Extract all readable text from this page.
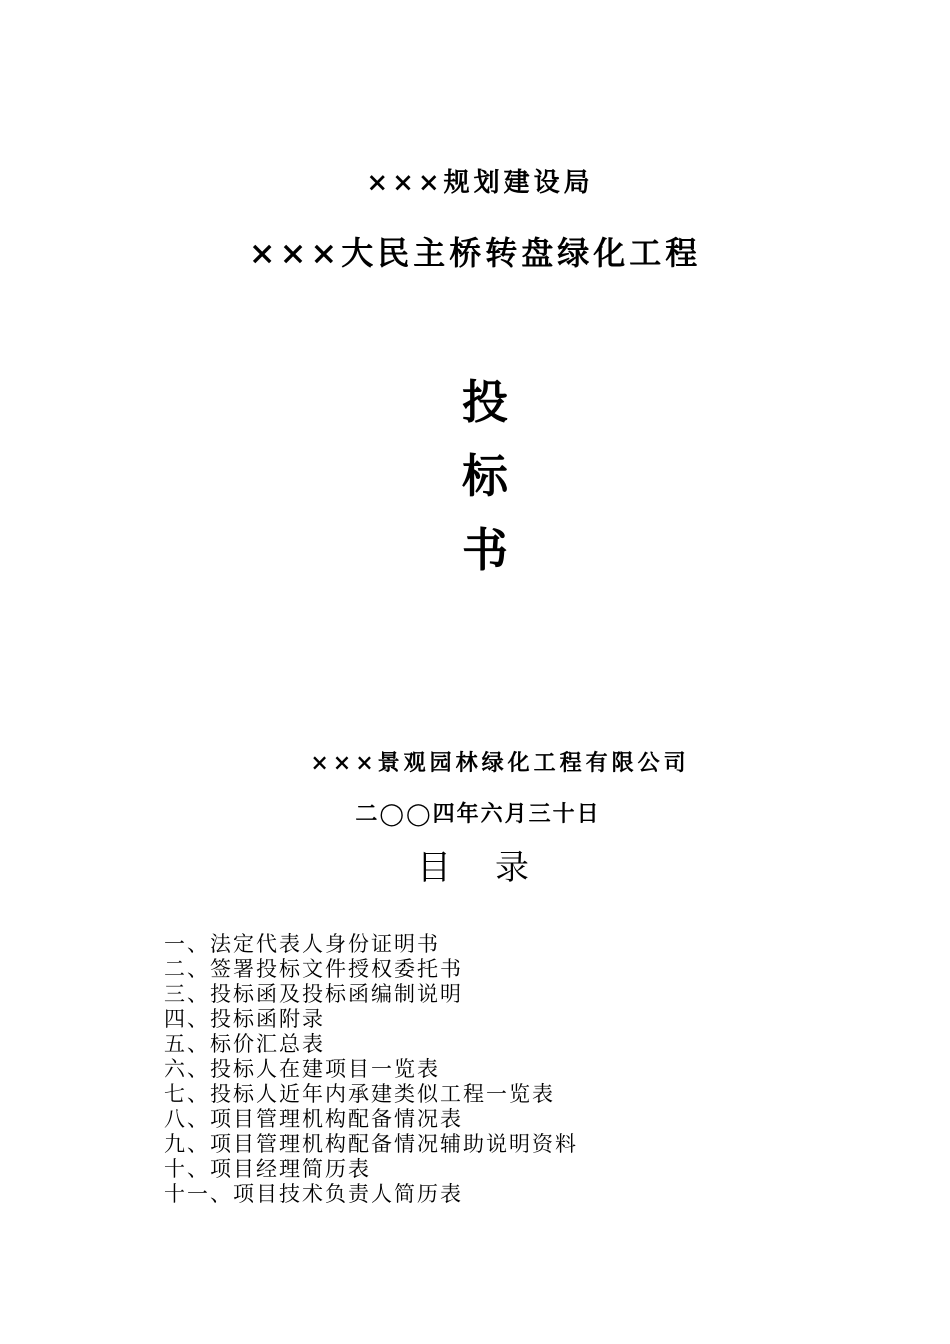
×××规划建设局
×××大民主桥转盘绿化工程
投
标
书
×××景观园林绿化工程有限公司
二◯◯四年六月三十日
目录
一、法定代表人身份证明书
二、签署投标文件授权委托书
三、投标函及投标函编制说明
四、投标函附录
五、标价汇总表
六、投标人在建项目一览表
七、投标人近年内承建类似工程一览表
八、项目管理机构配备情况表
九、项目管理机构配备情况辅助说明资料
十、项目经理简历表
十一、项目技术负责人简历表
